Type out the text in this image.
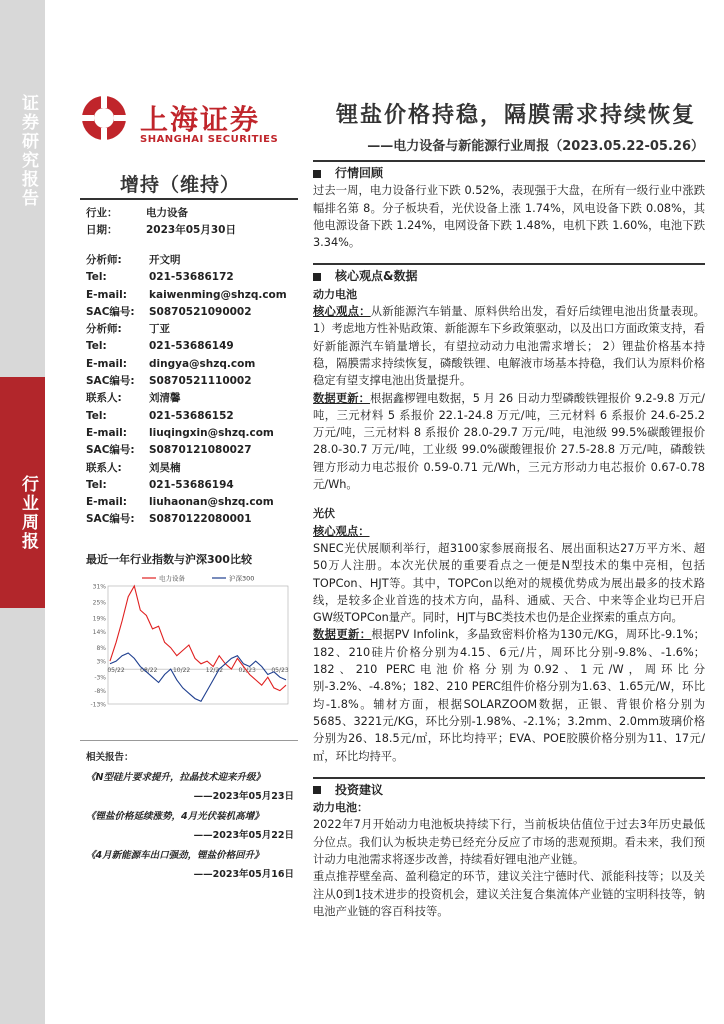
证券研究报告
行业周报
上海证券
SHANGHAI SECURITIES
锂盐价格持稳，隔膜需求持续恢复
——电力设备与新能源行业周报（2023.05.22-05.26）
增持（维持）
行业：	电力设备
日期：	2023年05月30日
分析师:	开文明
Tel:	021-53686172
E-mail:	kaiwenming@shzq.com
SAC编号:	S0870521090002
分析师:	丁亚
Tel:	021-53686149
E-mail:	dingya@shzq.com
SAC编号:	S0870521110002
联系人:	刘清馨
Tel:	021-53686152
E-mail:	liuqingxin@shzq.com
SAC编号:	S0870121080027
联系人:	刘昊楠
Tel:	021-53686194
E-mail:	liuhaonan@shzq.com
SAC编号:	S0870122080001
最近一年行业指数与沪深300比较
31%
25%
19%
14%
8%
3%
-3%
-8%
-13%
05/22	08/22	10/22	12/22	02/23	05/23
电力设备	沪深300
相关报告：
《N型硅片要求提升，拉晶技术迎来升级》
——2023年05月23日
《锂盐价格延续涨势，4月光伏装机高增》
——2023年05月22日
《4月新能源车出口强劲，锂盐价格回升》
——2023年05月16日
行情回顾
过去一周，电力设备行业下跌 0.52%，表现强于大盘，在所有一级行业中涨跌幅排名第 8。分子板块看，光伏设备上涨 1.74%，风电设备下跌 0.08%，其他电源设备下跌 1.24%，电网设备下跌 1.48%，电机下跌 1.60%，电池下跌 3.34%。
核心观点&数据
动力电池
核心观点：从新能源汽车销量、原料供给出发，看好后续锂电池出货量表现。1）考虑地方性补贴政策、新能源车下乡政策驱动，以及出口方面政策支持，看好新能源汽车销量增长，有望拉动动力电池需求增长； 2）锂盐价格基本持稳，隔膜需求持续恢复，磷酸铁锂、电解液市场基本持稳，我们认为原料价格稳定有望支撑电池出货量提升。
数据更新：根据鑫椤锂电数据，5 月 26 日动力型磷酸铁锂报价 9.2-9.8 万元/吨，三元材料 5 系报价 22.1-24.8 万元/吨，三元材料 6 系报价 24.6-25.2 万元/吨，三元材料 8 系报价 28.0-29.7 万元/吨，电池级 99.5%碳酸锂报价 28.0-30.7 万元/吨，工业级 99.0%碳酸锂报价 27.5-28.8 万元/吨，磷酸铁锂方形动力电芯报价 0.59-0.71 元/Wh，三元方形动力电芯报价 0.67-0.78 元/Wh。
光伏
核心观点：
SNEC光伏展顺利举行，超3100家参展商报名、展出面积达27万平方米、超50万人注册。本次光伏展的重要看点之一便是N型技术的集中亮相，包括TOPCon、HJT等。其中，TOPCon以绝对的规模优势成为展出最多的技术路线，是较多企业首选的技术方向，晶科、通威、天合、中来等企业均已开启GW级TOPCon量产。同时，HJT与BC类技术也仍是企业探索的重点方向。
数据更新：根据PV Infolink，多晶致密料价格为130元/KG，周环比-9.1%；182、210硅片价格分别为4.15、6元/片，周环比分别-9.8%、-1.6%；182、210 PERC电池价格分别为0.92、1元/W，周环比分别-3.2%、-4.8%；182、210 PERC组件价格分别为1.63、1.65元/W，环比均-1.8%。辅材方面，根据SOLARZOOM数据，正银、背银价格分别为5685、3221元/KG，环比分别-1.98%、-2.1%；3.2mm、2.0mm玻璃价格分别为26、18.5元/㎡，环比均持平；EVA、POE胶膜价格分别为11、17元/㎡，环比均持平。
投资建议
动力电池：
2022年7月开始动力电池板块持续下行，当前板块估值位于过去3年历史最低分位点。我们认为板块走势已经充分反应了市场的悲观预期。看未来，我们预计动力电池需求将逐步改善，持续看好锂电池产业链。
重点推荐壁垒高、盈利稳定的环节，建议关注宁德时代、派能科技等；以及关注从0到1技术进步的投资机会，建议关注复合集流体产业链的宝明科技等，钠电池产业链的容百科技等。
